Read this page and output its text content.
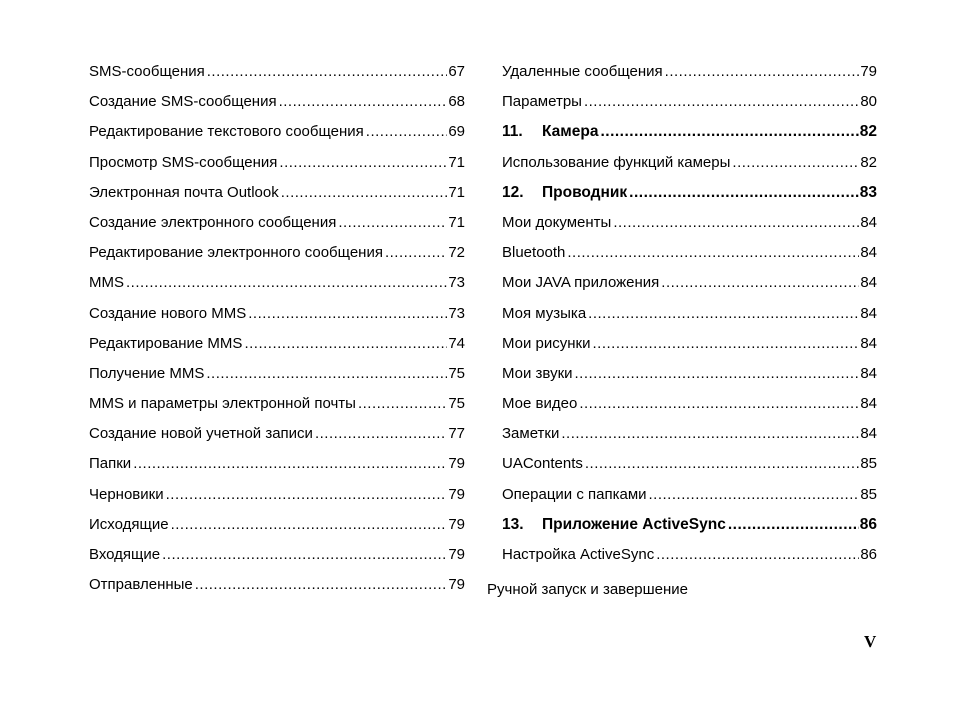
SMS-сообщения .....	67
Создание SMS-сообщения .....	68
Редактирование текстового сообщения .....	69
Просмотр SMS-сообщения .....	71
Электронная почта Outlook .....	71
Создание электронного сообщения .....	71
Редактирование электронного сообщения .....	72
MMS .....	73
Создание нового MMS .....	73
Редактирование MMS .....	74
Получение MMS .....	75
MMS и параметры электронной почты .....	75
Создание новой учетной записи .....	77
Папки .....	79
Черновики .....	79
Исходящие .....	79
Входящие .....	79
Отправленные .....	79
Удаленные сообщения .....	79
Параметры .....	80
11. Камера .....	82
Использование функций камеры .....	82
12. Проводник .....	83
Мои документы .....	84
Bluetooth .....	84
Мои JAVA приложения .....	84
Моя музыка .....	84
Мои рисунки .....	84
Мои звуки .....	84
Мое видео .....	84
Заметки .....	84
UAContents .....	85
Операции с папками .....	85
13. Приложение ActiveSync .....	86
Настройка ActiveSync .....	86
Ручной запуск и завершение
V
